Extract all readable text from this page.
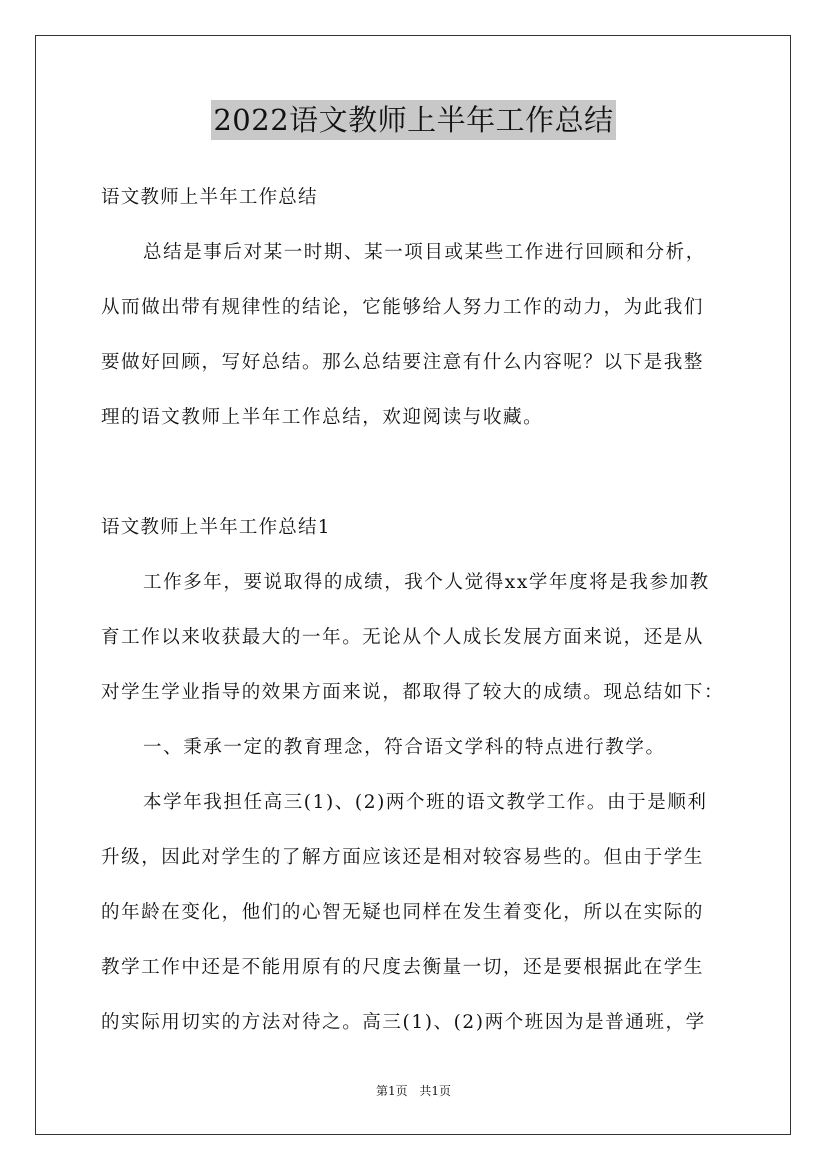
2022语文教师上半年工作总结
语文教师上半年工作总结
总结是事后对某一时期、某一项目或某些工作进行回顾和分析，
从而做出带有规律性的结论，它能够给人努力工作的动力，为此我们
要做好回顾，写好总结。那么总结要注意有什么内容呢？以下是我整
理的语文教师上半年工作总结，欢迎阅读与收藏。
语文教师上半年工作总结1
工作多年，要说取得的成绩，我个人觉得xx学年度将是我参加教
育工作以来收获最大的一年。无论从个人成长发展方面来说，还是从
对学生学业指导的效果方面来说，都取得了较大的成绩。现总结如下：
一、秉承一定的教育理念，符合语文学科的特点进行教学。
本学年我担任高三(1)、(2)两个班的语文教学工作。由于是顺利
升级，因此对学生的了解方面应该还是相对较容易些的。但由于学生
的年龄在变化，他们的心智无疑也同样在发生着变化，所以在实际的
教学工作中还是不能用原有的尺度去衡量一切，还是要根据此在学生
的实际用切实的方法对待之。高三(1)、(2)两个班因为是普通班，学
第1页 共1页
